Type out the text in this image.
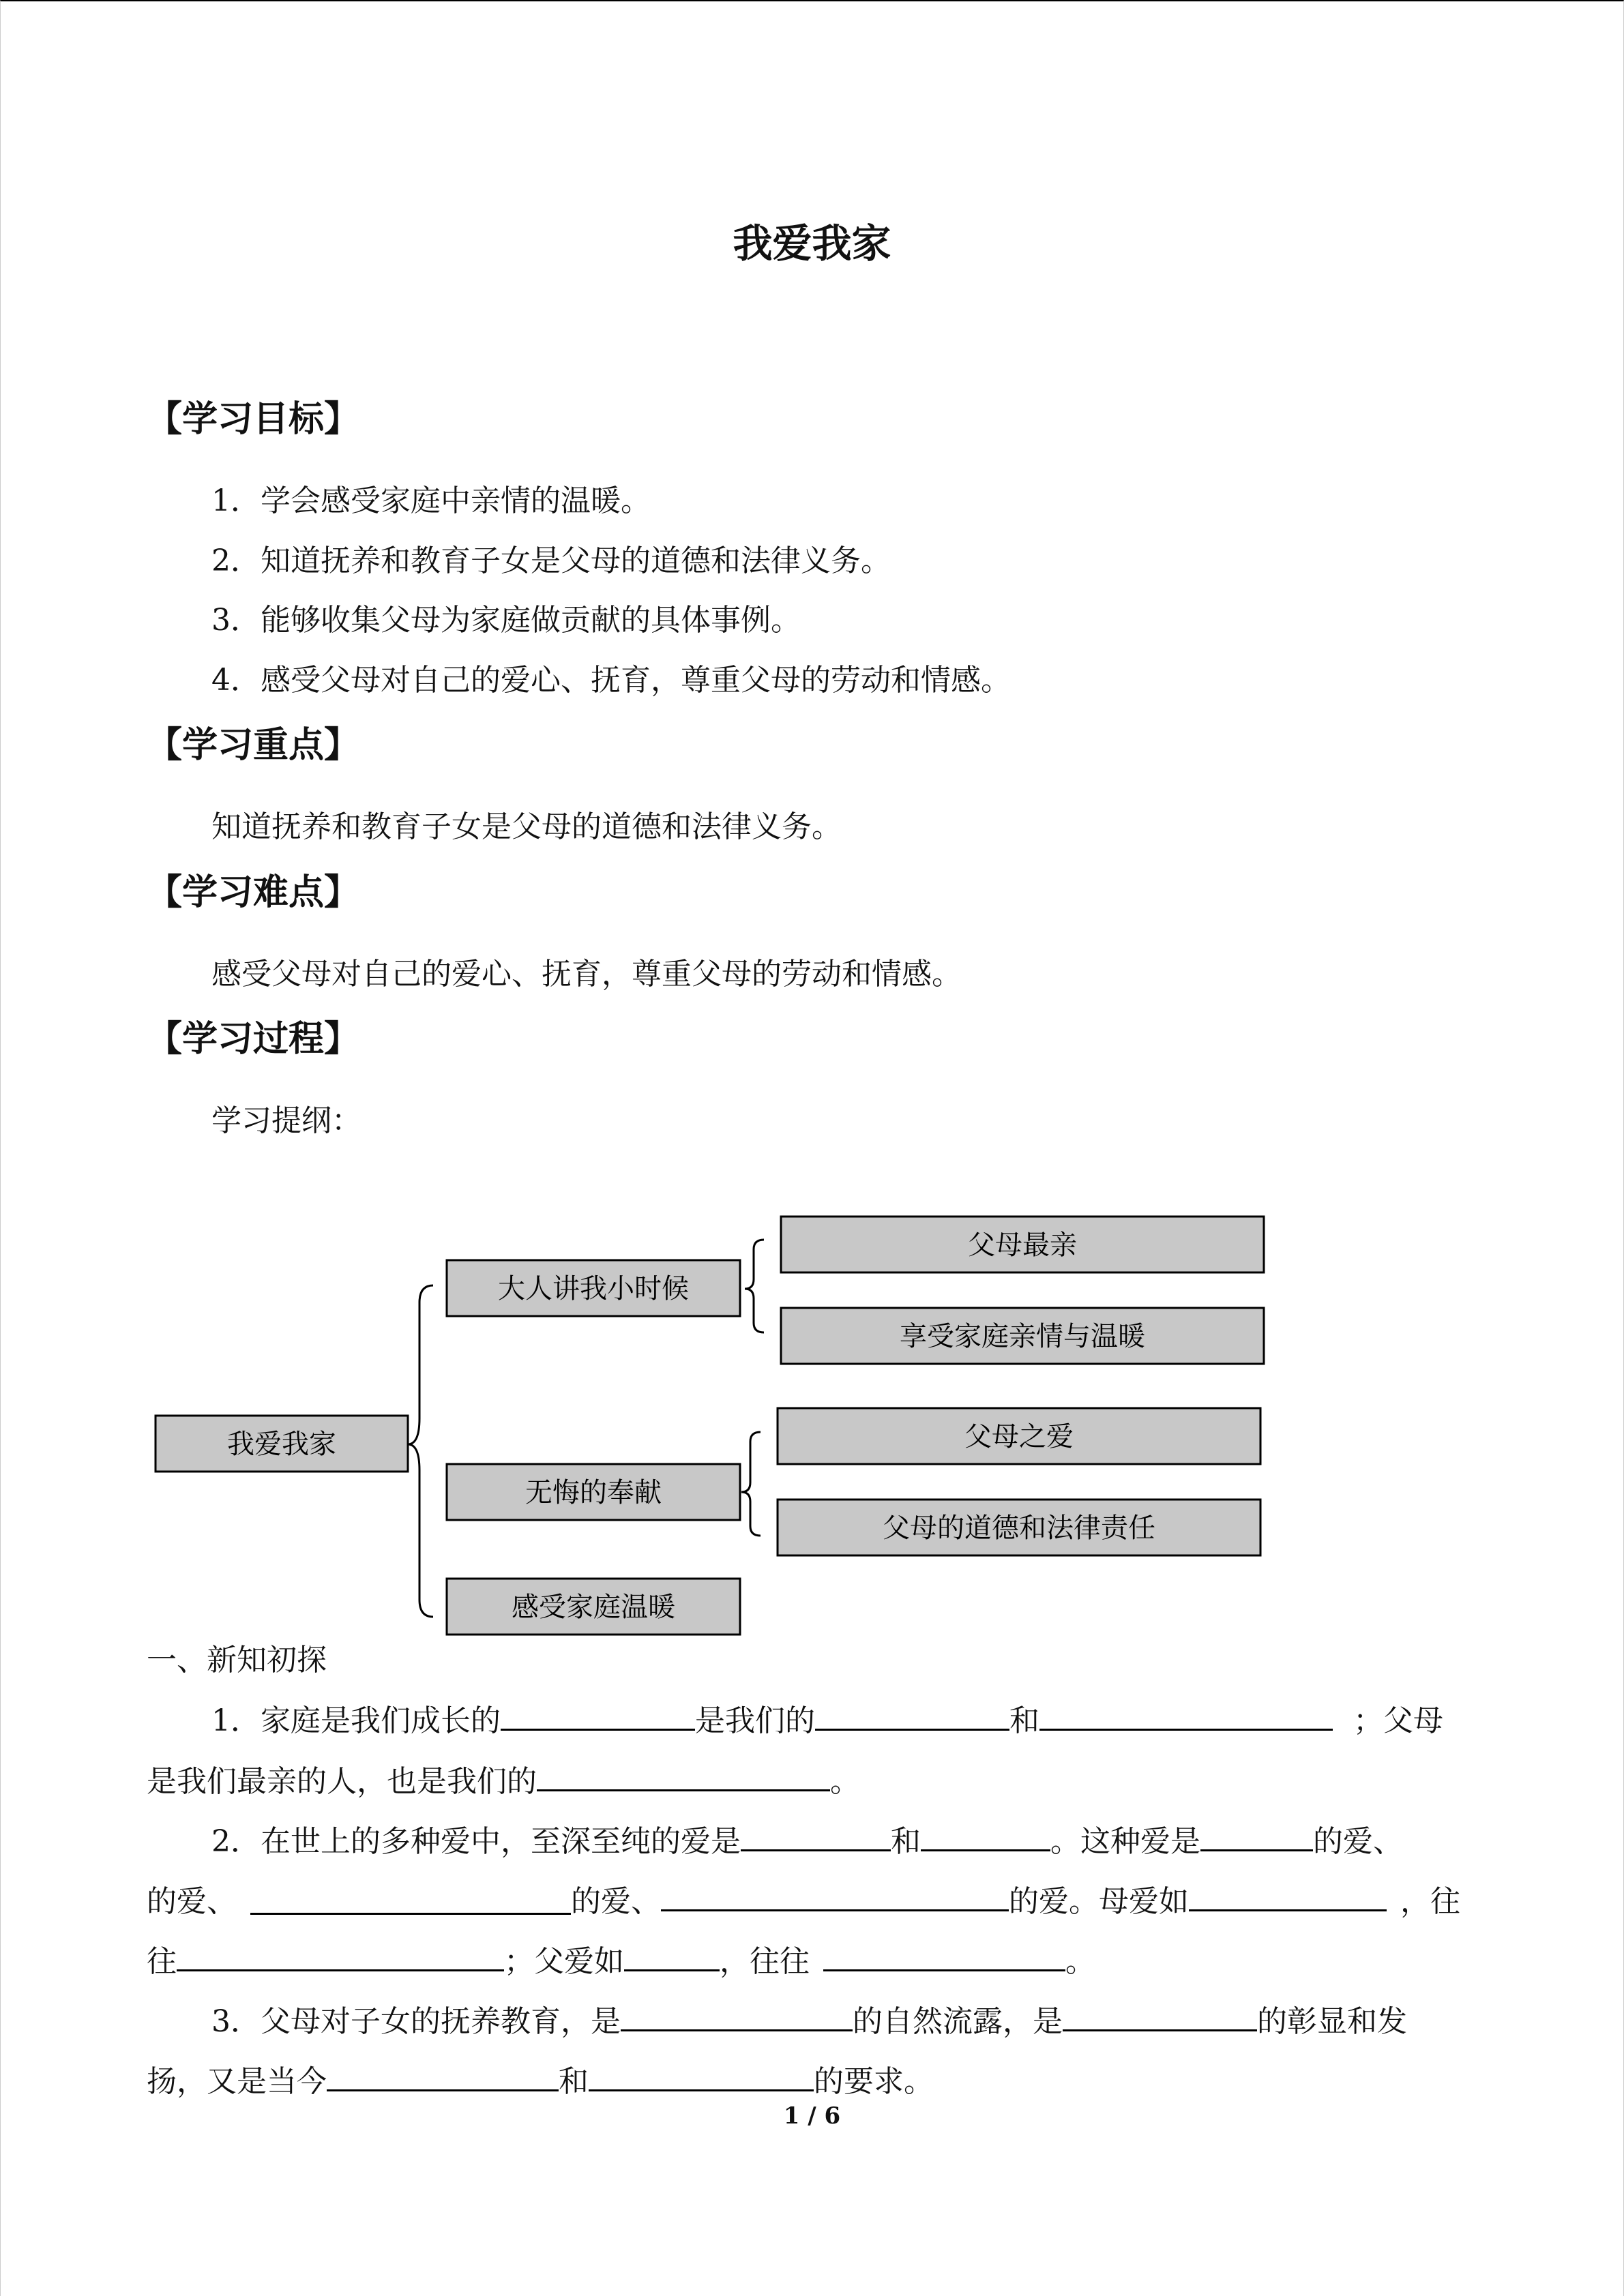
我爱我家
【学习目标】
1．学会感受家庭中亲情的温暖。
2．知道抚养和教育子女是父母的道德和法律义务。
3．能够收集父母为家庭做贡献的具体事例。
4．感受父母对自己的爱心、抚育，尊重父母的劳动和情感。
【学习重点】
知道抚养和教育子女是父母的道德和法律义务。
【学习难点】
感受父母对自己的爱心、抚育，尊重父母的劳动和情感。
【学习过程】
学习提纲：
我爱我家
大人讲我小时候
无悔的奉献
感受家庭温暖
父母最亲
享受家庭亲情与温暖
父母之爱
父母的道德和法律责任
一、新知初探
1．家庭是我们成长的	是我们的	和	；父母
是我们最亲的人，也是我们的	。
2．在世上的多种爱中，至深至纯的爱是	和	。这种爱是	的爱、
的爱、	的爱、	的爱。母爱如	，往
往	；父爱如	，往往	。
3．父母对子女的抚养教育，是	的自然流露，是	的彰显和发
扬，又是当今	和	的要求。
1 / 6
